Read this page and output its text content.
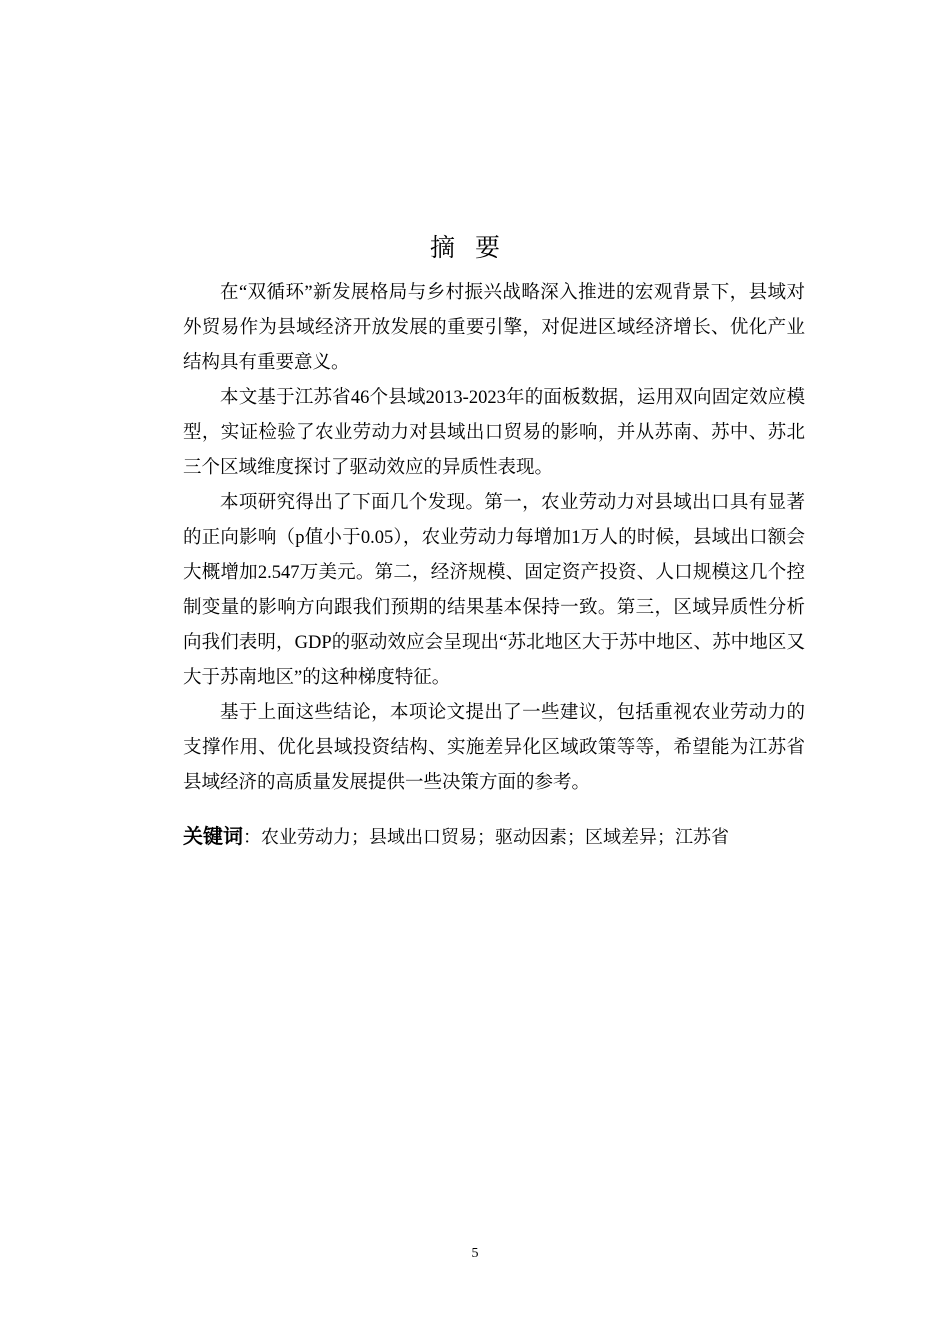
摘要

在“双循环”新发展格局与乡村振兴战略深入推进的宏观背景下，县域对外贸易作为县域经济开放发展的重要引擎，对促进区域经济增长、优化产业结构具有重要意义。

本文基于江苏省46个县域2013-2023年的面板数据，运用双向固定效应模型，实证检验了农业劳动力对县域出口贸易的影响，并从苏南、苏中、苏北三个区域维度探讨了驱动效应的异质性表现。

本项研究得出了下面几个发现。第一，农业劳动力对县域出口具有显著的正向影响（p值小于0.05），农业劳动力每增加1万人的时候，县域出口额会大概增加2.547万美元。第二，经济规模、固定资产投资、人口规模这几个控制变量的影响方向跟我们预期的结果基本保持一致。第三，区域异质性分析向我们表明，GDP的驱动效应会呈现出“苏北地区大于苏中地区、苏中地区又大于苏南地区”的这种梯度特征。

基于上面这些结论，本项论文提出了一些建议，包括重视农业劳动力的支撑作用、优化县域投资结构、实施差异化区域政策等等，希望能为江苏省县域经济的高质量发展提供一些决策方面的参考。

关键词：农业劳动力；县域出口贸易；驱动因素；区域差异；江苏省
5
